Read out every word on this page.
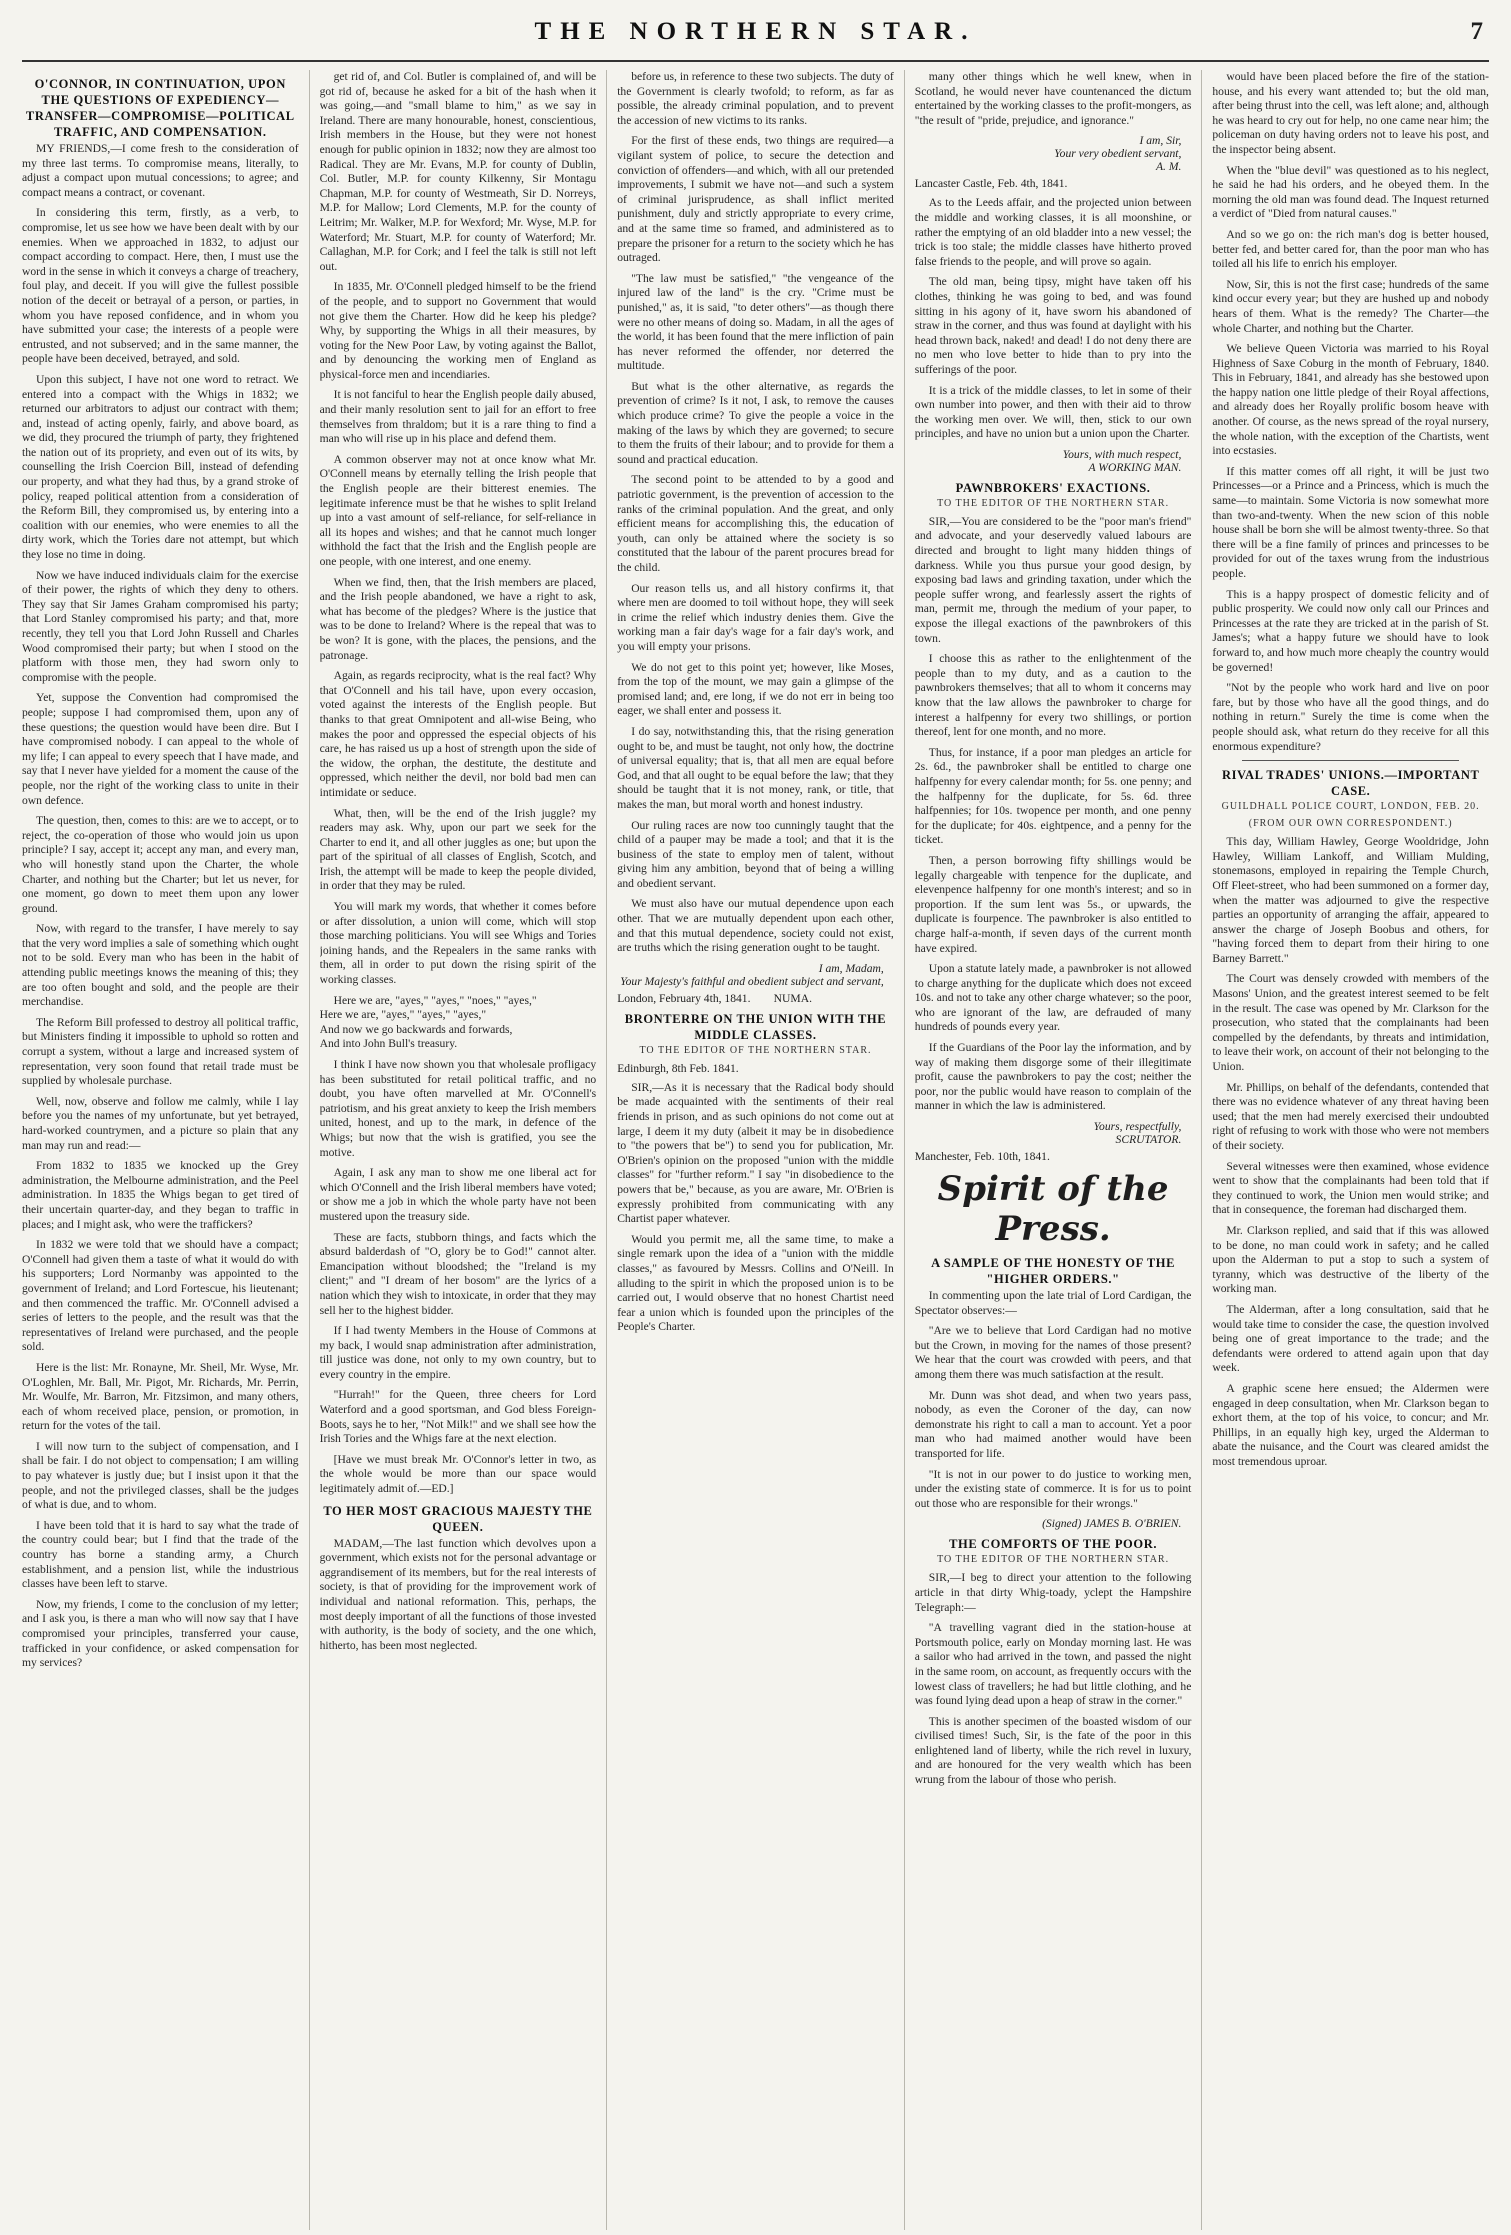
THE NORTHERN STAR.	7
O'CONNOR, IN CONTINUATION, UPON THE QUESTIONS OF EXPEDIENCY—TRANSFER—COMPROMISE—POLITICAL TRAFFIC, AND COMPENSATION.

MY FRIENDS,—I come fresh to the consideration of my three last terms. To compromise means, literally, to adjust a compact upon mutual concessions; to agree; and compact means a contract, or covenant.

In considering this term, firstly, as a verb, to compromise, let us see how we have been dealt with by our enemies. When we approached in 1832, to adjust our compact according to compact. Here, then, I must use the word in the sense in which it conveys a charge of treachery, foul play, and deceit. If you will give the fullest possible notion of the deceit or betrayal of a person, or parties, in whom you have reposed confidence, and in whom you have submitted your case; the interests of a people were entrusted, and not subserved; and in the same manner, the people have been deceived, betrayed, and sold.

Upon this subject, I have not one word to retract. We entered into a compact with the Whigs in 1832; we returned our arbitrators to adjust our contract with them; and, instead of acting openly, fairly, and above board, as we did, they procured the triumph of party, they frightened the nation out of its propriety, and even out of its wits, by counselling the Irish Coercion Bill, instead of defending our property, and what they had thus, by a grand stroke of policy, reaped political attention from a consideration of the Reform Bill, they compromised us, by entering into a coalition with our enemies, who were enemies to all the dirty work, which the Tories dare not attempt, but which they lose no time in doing.

Now we have induced individuals claim for the exercise of their power, the rights of which they deny to others. They say that Sir James Graham compromised his party; that Lord Stanley compromised his party; and that, more recently, they tell you that Lord John Russell and Charles Wood compromised their party; but when I stood on the platform with those men, they had sworn only to compromise with the people.

Yet, suppose the Convention had compromised the people; suppose I had compromised them, upon any of these questions; the question would have been dire. But I have compromised nobody. I can appeal to the whole of my life; I can appeal to every speech that I have made, and say that I never have yielded for a moment the cause of the people, nor the right of the working class to unite in their own defence.

The question, then, comes to this: are we to accept, or to reject, the co-operation of those who would join us upon principle? I say, accept it; accept any man, and every man, who will honestly stand upon the Charter, the whole Charter, and nothing but the Charter; but let us never, for one moment, go down to meet them upon any lower ground.

Now, with regard to the transfer, I have merely to say that the very word implies a sale of something which ought not to be sold. Every man who has been in the habit of attending public meetings knows the meaning of this; they are too often bought and sold, and the people are their merchandise.

The Reform Bill professed to destroy all political traffic, but Ministers finding it impossible to uphold so rotten and corrupt a system, without a large and increased system of representation, very soon found that retail trade must be supplied by wholesale purchase.

Well, now, observe and follow me calmly, while I lay before you the names of my unfortunate, but yet betrayed, hard-worked countrymen, and a picture so plain that any man may run and read:—

From 1832 to 1835 we knocked up the Grey administration, the Melbourne administration, and the Peel administration. In 1835 the Whigs began to get tired of their uncertain quarter-day, and they began to traffic in places; and I might ask, who were the traffickers?

In 1832 we were told that we should have a compact; O'Connell had given them a taste of what it would do with his supporters; Lord Normanby was appointed to the government of Ireland; and Lord Fortescue, his lieutenant; and then commenced the traffic. Mr. O'Connell advised a series of letters to the people, and the result was that the representatives of Ireland were purchased, and the people sold.

Here is the list: Mr. Ronayne, Mr. Sheil, Mr. Wyse, Mr. O'Loghlen, Mr. Ball, Mr. Pigot, Mr. Richards, Mr. Perrin, Mr. Woulfe, Mr. Barron, Mr. Fitzsimon, and many others, each of whom received place, pension, or promotion, in return for the votes of the tail.

I will now turn to the subject of compensation, and I shall be fair. I do not object to compensation; I am willing to pay whatever is justly due; but I insist upon it that the people, and not the privileged classes, shall be the judges of what is due, and to whom.

I have been told that it is hard to say what the trade of the country could bear; but I find that the trade of the country has borne a standing army, a Church establishment, and a pension list, while the industrious classes have been left to starve.

Now, my friends, I come to the conclusion of my letter; and I ask you, is there a man who will now say that I have compromised your principles, transferred your cause, trafficked in your confidence, or asked compensation for my services?

get rid of, and Col. Butler is complained of, and will be got rid of, because he asked for a bit of the hash when it was going,—and "small blame to him," as we say in Ireland. There are many honourable, honest, conscientious, Irish members in the House, but they were not honest enough for public opinion in 1832; now they are almost too Radical. They are Mr. Evans, M.P. for county of Dublin, Col. Butler, M.P. for county Kilkenny, Sir Montagu Chapman, M.P. for county of Westmeath, Sir D. Norreys, M.P. for Mallow; Lord Clements, M.P. for the county of Leitrim; Mr. Walker, M.P. for Wexford; Mr. Wyse, M.P. for Waterford; Mr. Stuart, M.P. for county of Waterford; Mr. Callaghan, M.P. for Cork; and I feel the talk is still not left out.

In 1835, Mr. O'Connell pledged himself to be the friend of the people, and to support no Government that would not give them the Charter. How did he keep his pledge? Why, by supporting the Whigs in all their measures, by voting for the New Poor Law, by voting against the Ballot, and by denouncing the working men of England as physical-force men and incendiaries.

It is not fanciful to hear the English people daily abused, and their manly resolution sent to jail for an effort to free themselves from thraldom; but it is a rare thing to find a man who will rise up in his place and defend them.

A common observer may not at once know what Mr. O'Connell means by eternally telling the Irish people that the English people are their bitterest enemies. The legitimate inference must be that he wishes to split Ireland up into a vast amount of self-reliance, for self-reliance in all its hopes and wishes; and that he cannot much longer withhold the fact that the Irish and the English people are one people, with one interest, and one enemy.

When we find, then, that the Irish members are placed, and the Irish people abandoned, we have a right to ask, what has become of the pledges? Where is the justice that was to be done to Ireland? Where is the repeal that was to be won? It is gone, with the places, the pensions, and the patronage.

Again, as regards reciprocity, what is the real fact? Why that O'Connell and his tail have, upon every occasion, voted against the interests of the English people. But thanks to that great Omnipotent and all-wise Being, who makes the poor and oppressed the especial objects of his care, he has raised us up a host of strength upon the side of the widow, the orphan, the destitute, the destitute and oppressed, which neither the devil, nor bold bad men can intimidate or seduce.

What, then, will be the end of the Irish juggle? my readers may ask. Why, upon our part we seek for the Charter to end it, and all other juggles as one; but upon the part of the spiritual of all classes of English, Scotch, and Irish, the attempt will be made to keep the people divided, in order that they may be ruled.

You will mark my words, that whether it comes before or after dissolution, a union will come, which will stop those marching politicians. You will see Whigs and Tories joining hands, and the Repealers in the same ranks with them, all in order to put down the rising spirit of the working classes.

Here we are, "ayes," "ayes," "noes," "ayes,"
Here we are, "ayes," "ayes," "ayes,"
And now we go backwards and forwards,
And into John Bull's treasury.

I think I have now shown you that wholesale profligacy has been substituted for retail political traffic, and no doubt, you have often marvelled at Mr. O'Connell's patriotism, and his great anxiety to keep the Irish members united, honest, and up to the mark, in defence of the Whigs; but now that the wish is gratified, you see the motive.

Again, I ask any man to show me one liberal act for which O'Connell and the Irish liberal members have voted; or show me a job in which the whole party have not been mustered upon the treasury side.

These are facts, stubborn things, and facts which the absurd balderdash of "O, glory be to God!" cannot alter. Emancipation without bloodshed; the "Ireland is my client;" and "I dream of her bosom" are the lyrics of a nation which they wish to intoxicate, in order that they may sell her to the highest bidder.

If I had twenty Members in the House of Commons at my back, I would snap administration after administration, till justice was done, not only to my own country, but to every country in the empire.

"Hurrah!" for the Queen, three cheers for Lord Waterford and a good sportsman, and God bless Foreign-Boots, says he to her, "Not Milk!" and we shall see how the Irish Tories and the Whigs fare at the next election.

[Have we must break Mr. O'Connor's letter in two, as the whole would be more than our space would legitimately admit of.—ED.]

TO HER MOST GRACIOUS MAJESTY THE QUEEN.

MADAM,—The last function which devolves upon a government, which exists not for the personal advantage or aggrandisement of its members, but for the real interests of society, is that of providing for the improvement work of individual and national reformation. This, perhaps, the most deeply important of all the functions of those invested with authority, is the body of society, and the one which, hitherto, has been most neglected.

before us, in reference to these two subjects. The duty of the Government is clearly twofold; to reform, as far as possible, the already criminal population, and to prevent the accession of new victims to its ranks.

For the first of these ends, two things are required—a vigilant system of police, to secure the detection and conviction of offenders—and which, with all our pretended improvements, I submit we have not—and such a system of criminal jurisprudence, as shall inflict merited punishment, duly and strictly appropriate to every crime, and at the same time so framed, and administered as to prepare the prisoner for a return to the society which he has outraged.

"The law must be satisfied," "the vengeance of the injured law of the land" is the cry. "Crime must be punished," as, it is said, "to deter others"—as though there were no other means of doing so. Madam, in all the ages of the world, it has been found that the mere infliction of pain has never reformed the offender, nor deterred the multitude.

But what is the other alternative, as regards the prevention of crime? Is it not, I ask, to remove the causes which produce crime? To give the people a voice in the making of the laws by which they are governed; to secure to them the fruits of their labour; and to provide for them a sound and practical education.

The second point to be attended to by a good and patriotic government, is the prevention of accession to the ranks of the criminal population. And the great, and only efficient means for accomplishing this, the education of youth, can only be attained where the society is so constituted that the labour of the parent procures bread for the child.

Our reason tells us, and all history confirms it, that where men are doomed to toil without hope, they will seek in crime the relief which industry denies them. Give the working man a fair day's wage for a fair day's work, and you will empty your prisons.

We do not get to this point yet; however, like Moses, from the top of the mount, we may gain a glimpse of the promised land; and, ere long, if we do not err in being too eager, we shall enter and possess it.

I do say, notwithstanding this, that the rising generation ought to be, and must be taught, not only how, the doctrine of universal equality; that is, that all men are equal before God, and that all ought to be equal before the law; that they should be taught that it is not money, rank, or title, that makes the man, but moral worth and honest industry.

Our ruling races are now too cunningly taught that the child of a pauper may be made a tool; and that it is the business of the state to employ men of talent, without giving him any ambition, beyond that of being a willing and obedient servant.

We must also have our mutual dependence upon each other. That we are mutually dependent upon each other, and that this mutual dependence, society could not exist, are truths which the rising generation ought to be taught.

I am, Madam,
Your Majesty's faithful and obedient subject and servant,
London, February 4th, 1841.        NUMA.
BRONTERRE ON THE UNION WITH THE MIDDLE CLASSES.
TO THE EDITOR OF THE NORTHERN STAR.
Edinburgh, 8th Feb. 1841.

SIR,—As it is necessary that the Radical body should be made acquainted with the sentiments of their real friends in prison, and as such opinions do not come out at large, I deem it my duty (albeit it may be in disobedience to "the powers that be") to send you for publication, Mr. O'Brien's opinion on the proposed "union with the middle classes" for "further reform." I say "in disobedience to the powers that be," because, as you are aware, Mr. O'Brien is expressly prohibited from communicating with any Chartist paper whatever.

Would you permit me, all the same time, to make a single remark upon the idea of a "union with the middle classes," as favoured by Messrs. Collins and O'Neill. In alluding to the spirit in which the proposed union is to be carried out, I would observe that no honest Chartist need fear a union which is founded upon the principles of the People's Charter.

many other things which he well knew, when in Scotland, he would never have countenanced the dictum entertained by the working classes to the profit-mongers, as "the result of "pride, prejudice, and ignorance."

I am, Sir,
Your very obedient servant,
A. M.
Lancaster Castle, Feb. 4th, 1841.

As to the Leeds affair, and the projected union between the middle and working classes, it is all moonshine, or rather the emptying of an old bladder into a new vessel; the trick is too stale; the middle classes have hitherto proved false friends to the people, and will prove so again.

The old man, being tipsy, might have taken off his clothes, thinking he was going to bed, and was found sitting in his agony of it, have sworn his abandoned of straw in the corner, and thus was found at daylight with his head thrown back, naked! and dead! I do not deny there are no men who love better to hide than to pry into the sufferings of the poor.

It is a trick of the middle classes, to let in some of their own number into power, and then with their aid to throw the working men over. We will, then, stick to our own principles, and have no union but a union upon the Charter.

Yours, with much respect,
A WORKING MAN.
PAWNBROKERS' EXACTIONS.
TO THE EDITOR OF THE NORTHERN STAR.

SIR,—You are considered to be the "poor man's friend" and advocate, and your deservedly valued labours are directed and brought to light many hidden things of darkness. While you thus pursue your good design, by exposing bad laws and grinding taxation, under which the people suffer wrong, and fearlessly assert the rights of man, permit me, through the medium of your paper, to expose the illegal exactions of the pawnbrokers of this town.

I choose this as rather to the enlightenment of the people than to my duty, and as a caution to the pawnbrokers themselves; that all to whom it concerns may know that the law allows the pawnbroker to charge for interest a halfpenny for every two shillings, or portion thereof, lent for one month, and no more.

Thus, for instance, if a poor man pledges an article for 2s. 6d., the pawnbroker shall be entitled to charge one halfpenny for every calendar month; for 5s. one penny; and the halfpenny for the duplicate, for 5s. 6d. three halfpennies; for 10s. twopence per month, and one penny for the duplicate; for 40s. eightpence, and a penny for the ticket.

Then, a person borrowing fifty shillings would be legally chargeable with tenpence for the duplicate, and elevenpence halfpenny for one month's interest; and so in proportion. If the sum lent was 5s., or upwards, the duplicate is fourpence. The pawnbroker is also entitled to charge half-a-month, if seven days of the current month have expired.

Upon a statute lately made, a pawnbroker is not allowed to charge anything for the duplicate which does not exceed 10s. and not to take any other charge whatever; so the poor, who are ignorant of the law, are defrauded of many hundreds of pounds every year.

If the Guardians of the Poor lay the information, and by way of making them disgorge some of their illegitimate profit, cause the pawnbrokers to pay the cost; neither the poor, nor the public would have reason to complain of the manner in which the law is administered.

Yours, respectfully,
SCRUTATOR.
Manchester, Feb. 10th, 1841.
Spirit of the Press.
A SAMPLE OF THE HONESTY OF THE "HIGHER ORDERS."

In commenting upon the late trial of Lord Cardigan, the Spectator observes:—

"Are we to believe that Lord Cardigan had no motive but the Crown, in moving for the names of those present? We hear that the court was crowded with peers, and that among them there was much satisfaction at the result.

Mr. Dunn was shot dead, and when two years pass, nobody, as even the Coroner of the day, can now demonstrate his right to call a man to account. Yet a poor man who had maimed another would have been transported for life.

"It is not in our power to do justice to working men, under the existing state of commerce. It is for us to point out those who are responsible for their wrongs."

(Signed) JAMES B. O'BRIEN.
THE COMFORTS OF THE POOR.
TO THE EDITOR OF THE NORTHERN STAR.

SIR,—I beg to direct your attention to the following article in that dirty Whig-toady, yclept the Hampshire Telegraph:—

"A travelling vagrant died in the station-house at Portsmouth police, early on Monday morning last. He was a sailor who had arrived in the town, and passed the night in the same room, on account, as frequently occurs with the lowest class of travellers; he had but little clothing, and he was found lying dead upon a heap of straw in the corner."

This is another specimen of the boasted wisdom of our civilised times! Such, Sir, is the fate of the poor in this enlightened land of liberty, while the rich revel in luxury, and are honoured for the very wealth which has been wrung from the labour of those who perish.

would have been placed before the fire of the station-house, and his every want attended to; but the old man, after being thrust into the cell, was left alone; and, although he was heard to cry out for help, no one came near him; the policeman on duty having orders not to leave his post, and the inspector being absent.

When the "blue devil" was questioned as to his neglect, he said he had his orders, and he obeyed them. In the morning the old man was found dead. The Inquest returned a verdict of "Died from natural causes."

And so we go on: the rich man's dog is better housed, better fed, and better cared for, than the poor man who has toiled all his life to enrich his employer.

Now, Sir, this is not the first case; hundreds of the same kind occur every year; but they are hushed up and nobody hears of them. What is the remedy? The Charter—the whole Charter, and nothing but the Charter.

We believe Queen Victoria was married to his Royal Highness of Saxe Coburg in the month of February, 1840. This in February, 1841, and already has she bestowed upon the happy nation one little pledge of their Royal affections, and already does her Royally prolific bosom heave with another. Of course, as the news spread of the royal nursery, the whole nation, with the exception of the Chartists, went into ecstasies.

If this matter comes off all right, it will be just two Princesses—or a Prince and a Princess, which is much the same—to maintain. Some Victoria is now somewhat more than two-and-twenty. When the new scion of this noble house shall be born she will be almost twenty-three. So that there will be a fine family of princes and princesses to be provided for out of the taxes wrung from the industrious people.

This is a happy prospect of domestic felicity and of public prosperity. We could now only call our Princes and Princesses at the rate they are tricked at in the parish of St. James's; what a happy future we should have to look forward to, and how much more cheaply the country would be governed!

"Not by the people who work hard and live on poor fare, but by those who have all the good things, and do nothing in return." Surely the time is come when the people should ask, what return do they receive for all this enormous expenditure?

RIVAL TRADES' UNIONS.—IMPORTANT CASE.
GUILDHALL POLICE COURT, LONDON, FEB. 20.
(FROM OUR OWN CORRESPONDENT.)

This day, William Hawley, George Wooldridge, John Hawley, William Lankoff, and William Mulding, stonemasons, employed in repairing the Temple Church, Off Fleet-street, who had been summoned on a former day, when the matter was adjourned to give the respective parties an opportunity of arranging the affair, appeared to answer the charge of Joseph Boobus and others, for "having forced them to depart from their hiring to one Barney Barrett."

The Court was densely crowded with members of the Masons' Union, and the greatest interest seemed to be felt in the result. The case was opened by Mr. Clarkson for the prosecution, who stated that the complainants had been compelled by the defendants, by threats and intimidation, to leave their work, on account of their not belonging to the Union.

Mr. Phillips, on behalf of the defendants, contended that there was no evidence whatever of any threat having been used; that the men had merely exercised their undoubted right of refusing to work with those who were not members of their society.

Several witnesses were then examined, whose evidence went to show that the complainants had been told that if they continued to work, the Union men would strike; and that in consequence, the foreman had discharged them.

Mr. Clarkson replied, and said that if this was allowed to be done, no man could work in safety; and he called upon the Alderman to put a stop to such a system of tyranny, which was destructive of the liberty of the working man.

The Alderman, after a long consultation, said that he would take time to consider the case, the question involved being one of great importance to the trade; and the defendants were ordered to attend again upon that day week.

A graphic scene here ensued; the Aldermen were engaged in deep consultation, when Mr. Clarkson began to exhort them, at the top of his voice, to concur; and Mr. Phillips, in an equally high key, urged the Alderman to abate the nuisance, and the Court was cleared amidst the most tremendous uproar.
